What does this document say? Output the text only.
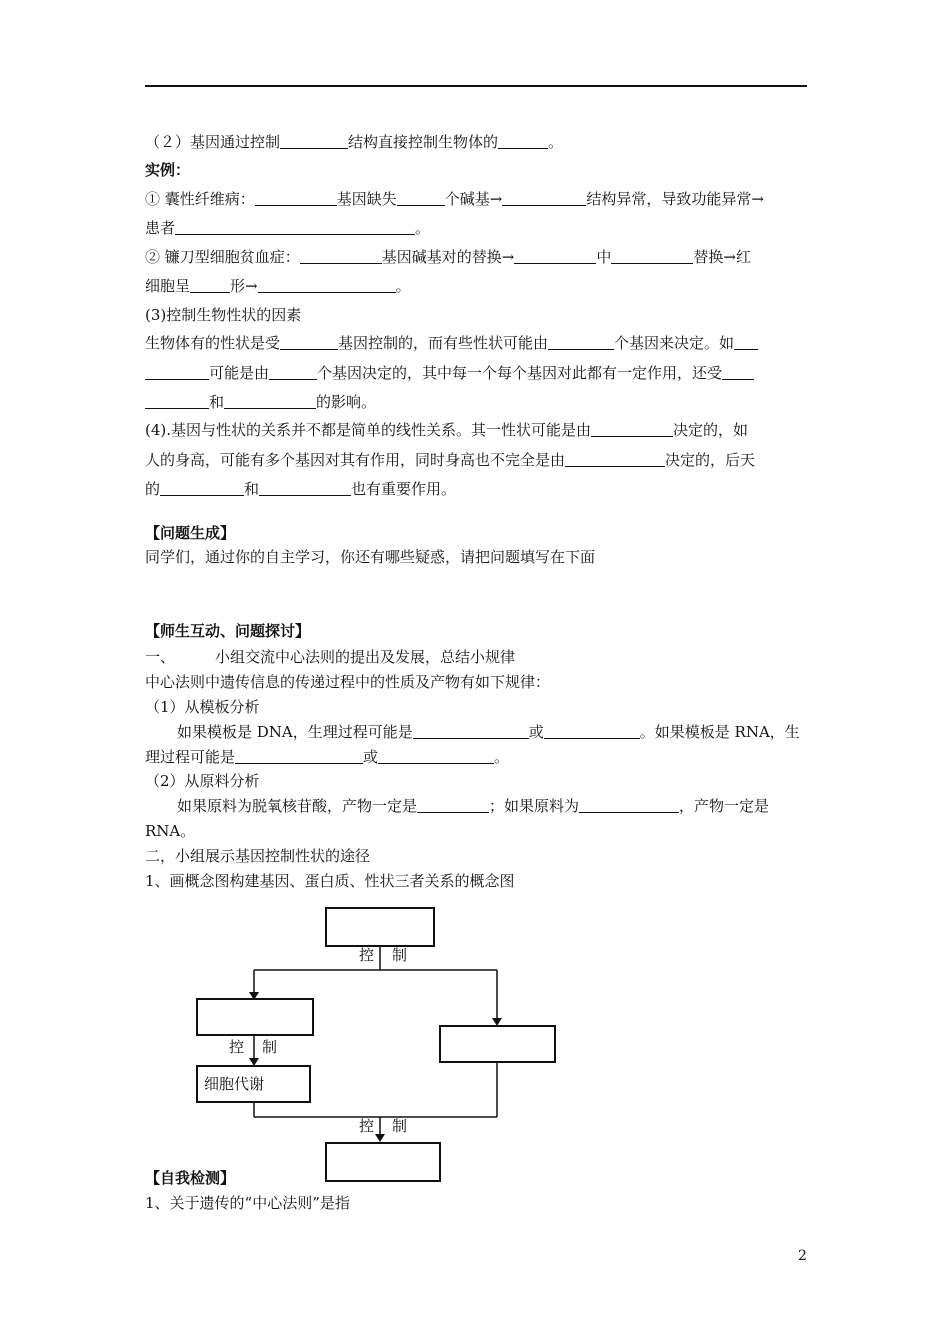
（２）基因通过控制	结构直接控制生物体的	。
实例：
① 囊性纤维病：	基因缺失	个碱基→	结构异常，导致功能异常→
患者	。
② 镰刀型细胞贫血症：	基因碱基对的替换→	中	替换→红
细胞呈	形→	。
(3)控制生物性状的因素
生物体有的性状是受	基因控制的，而有些性状可能由	个基因来决定。如
可能是由	个基因决定的，其中每一个每个基因对此都有一定作用，还受
和	的影响。
(4).基因与性状的关系并不都是简单的线性关系。其一性状可能是由	决定的，如
人的身高，可能有多个基因对其有作用，同时身高也不完全是由	决定的，后天
的	和	也有重要作用。
【问题生成】
同学们，通过你的自主学习，你还有哪些疑惑，请把问题填写在下面
【师生互动、问题探讨】
一、	小组交流中心法则的提出及发展，总结小规律
中心法则中遗传信息的传递过程中的性质及产物有如下规律：
（1）从模板分析
如果模板是 DNA，生理过程可能是	或	。如果模板是 RNA，生
理过程可能是	或	。
（2）从原料分析
如果原料为脱氧核苷酸，产物一定是	；如果原料为	，产物一定是
RNA。
二，小组展示基因控制性状的途径
1、画概念图构建基因、蛋白质、性状三者关系的概念图
细胞代谢
控 制
控 制
控 制
【自我检测】
1、关于遗传的“中心法则”是指
2
